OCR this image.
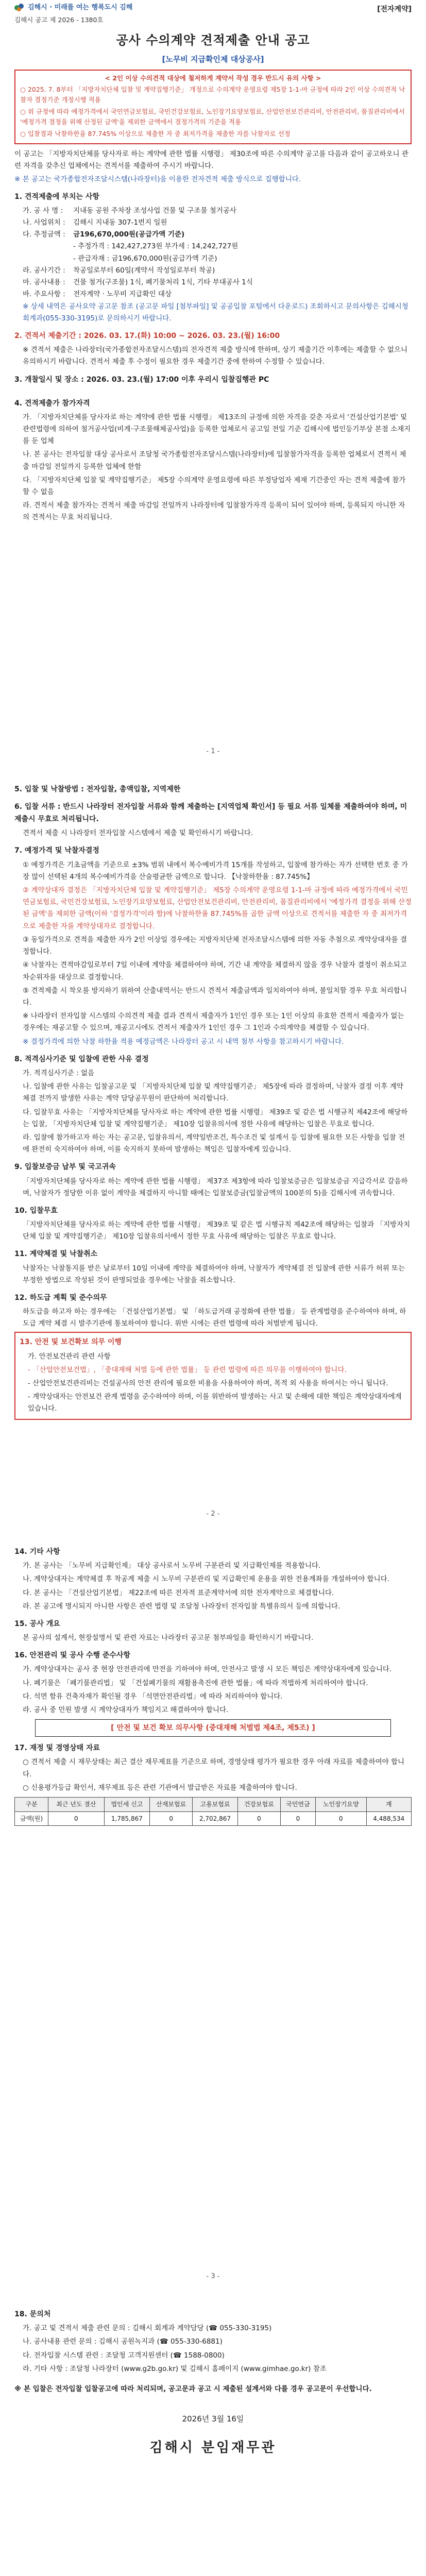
김해시 · 미래를 여는 행복도시 김해	[전자계약]
김해시 공고 제 2026 - 1380호
공사 수의계약 견적제출 안내 공고
[노무비 지급확인제 대상공사]
< 2인 이상 수의견적 대상에 철저하게 계약서 작성 경우 반드시 유의 사항 >

○ 2025. 7. 8부터 「지방자치단체 입찰 및 계약집행기준」 개정으로 수의계약 운영요령 제5장 1-1-마 규정에 따라 2인 이상 수의견적 낙찰자 결정기준 개정시행 적용

○ 위 규정에 따라 예정가격에서 국민연금보험료, 국민건강보험료, 노인장기요양보험료, 산업안전보건관리비, 안전관리비, 품질관리비에서 '예정가격 결정을 위해 산정된 금액'을 제외한 금액에서 결정가격의 기준을 적용

○ 입찰결과 낙찰하한율 87.745% 이상으로 제출한 자 중 최저가격을 제출한 자를 낙찰자로 선정

이 공고는 「지방자치단체를 당사자로 하는 계약에 관한 법률 시행령」 제30조에 따른 수의계약 공고를 다음과 같이 공고하오니 관련 자격을 갖추신 업체에서는 견적서를 제출하여 주시기 바랍니다.

※ 본 공고는 국가종합전자조달시스템(나라장터)을 이용한 전자견적 제출 방식으로 집행합니다.

1. 견적제출에 부치는 사항
가. 공 사 명 :	지내동 공원 주차장 조성사업 건물 및 구조물 철거공사
나. 사업위치 :	김해시 지내동 307-1번지 일원
다. 추정금액 :	금196,670,000원(공급가액 기준)
- 추정가격 : 142,427,273원 부가세 : 14,242,727원
- 관급자재 : 금196,670,000원(공급가액 기준)
라. 공사기간 :	착공일로부터 60일(계약서 작성일로부터 착공)
마. 공사내용 :	건물 철거(구조물) 1식, 폐기물처리 1식, 기타 부대공사 1식
바. 주요사항 :	전자계약 · 노무비 지급확인 대상

※ 상세 내역은 공사요약 공고문 참조 (공고문 파일 [첨부파일] 및 공공입찰 포털에서 다운로드) 조회하시고 문의사항은 김해시청 회계과(055-330-3195)로 문의하시기 바랍니다.

2. 견적서 제출기간 : 2026. 03. 17.(화) 10:00 ~ 2026. 03. 23.(월) 16:00

※ 견적서 제출은 나라장터(국가종합전자조달시스템)의 전자견적 제출 방식에 한하며, 상기 제출기간 이후에는 제출할 수 없으니 유의하시기 바랍니다. 견적서 제출 후 수정이 필요한 경우 제출기간 중에 한하여 수정할 수 있습니다.

3. 개찰일시 및 장소 : 2026. 03. 23.(월) 17:00 이후 우리시 입찰집행관 PC
4. 견적제출가 참가자격

가. 「지방자치단체를 당사자로 하는 계약에 관한 법률 시행령」 제13조의 규정에 의한 자격을 갖춘 자로서 '건설산업기본법' 및 관련법령에 의하여 철거공사업(비계·구조물해체공사업)을 등록한 업체로서 공고일 전일 기준 김해시에 법인등기부상 본점 소재지를 둔 업체

나. 본 공사는 전자입찰 대상 공사로서 조달청 국가종합전자조달시스템(나라장터)에 입찰참가자격을 등록한 업체로서 견적서 제출 마감일 전일까지 등록한 업체에 한함

다. 「지방자치단체 입찰 및 계약집행기준」 제5장 수의계약 운영요령에 따른 부정당업자 제재 기간중인 자는 견적 제출에 참가할 수 없음

라. 견적서 제출 참가자는 견적서 제출 마감일 전일까지 나라장터에 입찰참가자격 등록이 되어 있어야 하며, 등록되지 아니한 자의 견적서는 무효 처리됩니다.

- 1 -
5. 입찰 및 낙찰방법 : 전자입찰, 총액입찰, 지역제한
6. 입찰 서류 : 반드시 나라장터 전자입찰 서류와 함께 제출하는 [지역업체 확인서] 등 필요 서류 일체를 제출하여야 하며, 미제출시 무효로 처리됩니다.

견적서 제출 시 나라장터 전자입찰 시스템에서 제출 및 확인하시기 바랍니다.

7. 예정가격 및 낙찰자결정

① 예정가격은 기초금액을 기준으로 ±3% 범위 내에서 복수예비가격 15개를 작성하고, 입찰에 참가하는 자가 선택한 번호 중 가장 많이 선택된 4개의 복수예비가격을 산술평균한 금액으로 합니다. 【낙찰하한율 : 87.745%】

② 계약상대자 결정은 「지방자치단체 입찰 및 계약집행기준」 제5장 수의계약 운영요령 1-1-마 규정에 따라 예정가격에서 국민연금보험료, 국민건강보험료, 노인장기요양보험료, 산업안전보건관리비, 안전관리비, 품질관리비에서 '예정가격 결정을 위해 산정된 금액'을 제외한 금액(이하 '결정가격'이라 함)에 낙찰하한율 87.745%를 곱한 금액 이상으로 견적서를 제출한 자 중 최저가격으로 제출한 자를 계약상대자로 결정합니다.

③ 동일가격으로 견적을 제출한 자가 2인 이상일 경우에는 지방자치단체 전자조달시스템에 의한 자동 추첨으로 계약상대자를 결정합니다.

④ 낙찰자는 견적마감일로부터 7일 이내에 계약을 체결하여야 하며, 기간 내 계약을 체결하지 않을 경우 낙찰자 결정이 취소되고 차순위자를 대상으로 결정합니다.

⑤ 견적제출 시 착오를 방지하기 위하여 산출내역서는 반드시 견적서 제출금액과 일치하여야 하며, 불일치할 경우 무효 처리합니다.

※ 나라장터 전자입찰 시스템의 수의견적 제출 결과 견적서 제출자가 1인인 경우 또는 1인 이상의 유효한 견적서 제출자가 없는 경우에는 재공고할 수 있으며, 재공고시에도 견적서 제출자가 1인인 경우 그 1인과 수의계약을 체결할 수 있습니다.

※ 결정가격에 의한 낙찰 하한율 적용 예정금액은 나라장터 공고 시 내역 첨부 사항을 참고하시기 바랍니다.

8. 적격심사기준 및 입찰에 관한 사유 결정

가. 적격심사기준 : 없음

나. 입찰에 관한 사유는 입찰공고문 및 「지방자치단체 입찰 및 계약집행기준」 제5장에 따라 결정하며, 낙찰자 결정 이후 계약 체결 전까지 발생한 사유는 계약 담당공무원이 판단하여 처리합니다.

다. 입찰무효 사유는 「지방자치단체를 당사자로 하는 계약에 관한 법률 시행령」 제39조 및 같은 법 시행규칙 제42조에 해당하는 입찰, 「지방자치단체 입찰 및 계약집행기준」 제10장 입찰유의서에 정한 사유에 해당하는 입찰은 무효로 합니다.

라. 입찰에 참가하고자 하는 자는 공고문, 입찰유의서, 계약일반조건, 특수조건 및 설계서 등 입찰에 필요한 모든 사항을 입찰 전에 완전히 숙지하여야 하며, 이를 숙지하지 못하여 발생하는 책임은 입찰자에게 있습니다.

9. 입찰보증금 납부 및 국고귀속

「지방자치단체를 당사자로 하는 계약에 관한 법률 시행령」 제37조 제3항에 따라 입찰보증금은 입찰보증금 지급각서로 갈음하며, 낙찰자가 정당한 이유 없이 계약을 체결하지 아니할 때에는 입찰보증금(입찰금액의 100분의 5)을 김해시에 귀속합니다.

10. 입찰무효

「지방자치단체를 당사자로 하는 계약에 관한 법률 시행령」 제39조 및 같은 법 시행규칙 제42조에 해당하는 입찰과 「지방자치단체 입찰 및 계약집행기준」 제10장 입찰유의서에서 정한 무효 사유에 해당하는 입찰은 무효로 합니다.

11. 계약체결 및 낙찰취소

낙찰자는 낙찰통지를 받은 날로부터 10일 이내에 계약을 체결하여야 하며, 낙찰자가 계약체결 전 입찰에 관한 서류가 허위 또는 부정한 방법으로 작성된 것이 판명되었을 경우에는 낙찰을 취소합니다.

12. 하도급 계획 및 준수의무

하도급을 하고자 하는 경우에는 「건설산업기본법」 및 「하도급거래 공정화에 관한 법률」 등 관계법령을 준수하여야 하며, 하도급 계약 체결 시 발주기관에 통보하여야 합니다. 위반 시에는 관련 법령에 따라 처벌받게 됩니다.

13. 안전 및 보건확보 의무 이행

가. 안전보건관리 관련 사항

- 「산업안전보건법」, 「중대재해 처벌 등에 관한 법률」 등 관련 법령에 따른 의무를 이행하여야 합니다.

- 산업안전보건관리비는 건설공사의 안전 관리에 필요한 비용을 사용하여야 하며, 목적 외 사용을 하여서는 아니 됩니다.

- 계약상대자는 안전보건 관계 법령을 준수하여야 하며, 이를 위반하여 발생하는 사고 및 손해에 대한 책임은 계약상대자에게 있습니다.

- 2 -
14. 기타 사항

가. 본 공사는 「노무비 지급확인제」 대상 공사로서 노무비 구분관리 및 지급확인제를 적용합니다.

나. 계약상대자는 계약체결 후 착공계 제출 시 노무비 구분관리 및 지급확인제 운용을 위한 전용계좌를 개설하여야 합니다.

다. 본 공사는 「건설산업기본법」 제22조에 따른 전자적 표준계약서에 의한 전자계약으로 체결합니다.

라. 본 공고에 명시되지 아니한 사항은 관련 법령 및 조달청 나라장터 전자입찰 특별유의서 등에 의합니다.

15. 공사 개요

본 공사의 설계서, 현장설명서 및 관련 자료는 나라장터 공고문 첨부파일을 확인하시기 바랍니다.

16. 안전관리 및 공사 수행 준수사항

가. 계약상대자는 공사 중 현장 안전관리에 만전을 기하여야 하며, 안전사고 발생 시 모든 책임은 계약상대자에게 있습니다.

나. 폐기물은 「폐기물관리법」 및 「건설폐기물의 재활용촉진에 관한 법률」에 따라 적법하게 처리하여야 합니다.

다. 석면 함유 건축자재가 확인될 경우 「석면안전관리법」에 따라 처리하여야 합니다.

라. 공사 중 민원 발생 시 계약상대자가 책임지고 해결하여야 합니다.

[ 안전 및 보건 확보 의무사항 (중대재해 처벌법 제4조, 제5조) ]
17. 재정 및 경영상태 자료

○ 견적서 제출 시 재무상태는 최근 결산 재무제표를 기준으로 하며, 경영상태 평가가 필요한 경우 아래 자료를 제출하여야 합니다.

○ 신용평가등급 확인서, 재무제표 등은 관련 기관에서 발급받은 자료를 제출하여야 합니다.

구분	최근 년도 결산	법인세 신고	산재보험료	고용보험료	건강보험료	국민연금	노인장기요양	계
금액(원)	0	1,785,867	0	2,702,867	0	0	0	4,488,534
- 3 -
18. 문의처

가. 공고 및 견적서 제출 관련 문의 : 김해시 회계과 계약담당 (☎ 055-330-3195)

나. 공사내용 관련 문의 : 김해시 공원녹지과 (☎ 055-330-6881)

다. 전자입찰 시스템 관련 : 조달청 고객지원센터 (☎ 1588-0800)

라. 기타 사항 : 조달청 나라장터 (www.g2b.go.kr) 및 김해시 홈페이지 (www.gimhae.go.kr) 참조

※ 본 입찰은 전자입찰 입찰공고에 따라 처리되며, 공고문과 공고 시 제출된 설계서와 다를 경우 공고문이 우선합니다.

2026년 3월 16일
김해시 분임재무관
